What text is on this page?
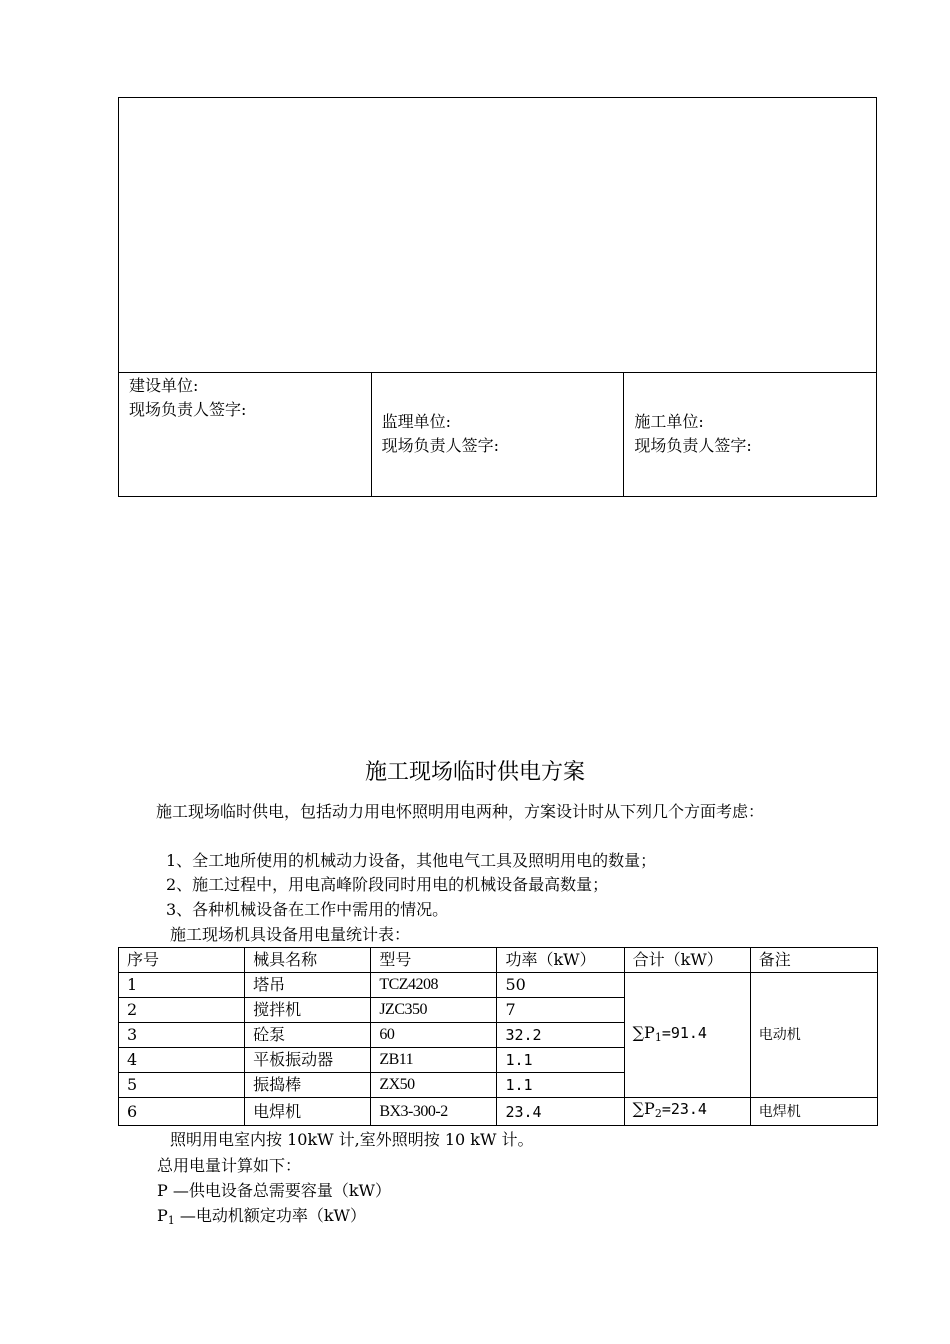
建设单位:
现场负责人签字:
监理单位:
现场负责人签字:
施工单位:
现场负责人签字:
施工现场临时供电方案
施工现场临时供电，包括动力用电怀照明用电两种，方案设计时从下列几个方面考虑：
1、全工地所使用的机械动力设备，其他电气工具及照明用电的数量；
2、施工过程中，用电高峰阶段同时用电的机械设备最高数量；
3、各种机械设备在工作中需用的情况。
施工现场机具设备用电量统计表：
序号	械具名称	型号	功率（kW）	合计（kW）	备注
1	塔吊	TCZ4208	50	$\sum P_1=91.4$	电动机
2	搅拌机	JZC350	7		
3	砼泵	60	32.2		
4	平板振动器	ZB11	1.1		
5	振捣棒	ZX50	1.1		
6	电焊机	BX3-300-2	23.4	$\sum P_2=23.4$	电焊机
照明用电室内按 10kW 计,室外照明按 10 kW 计。
总用电量计算如下：
P —供电设备总需要容量（kW）
$P_1$ —电动机额定功率（kW）
